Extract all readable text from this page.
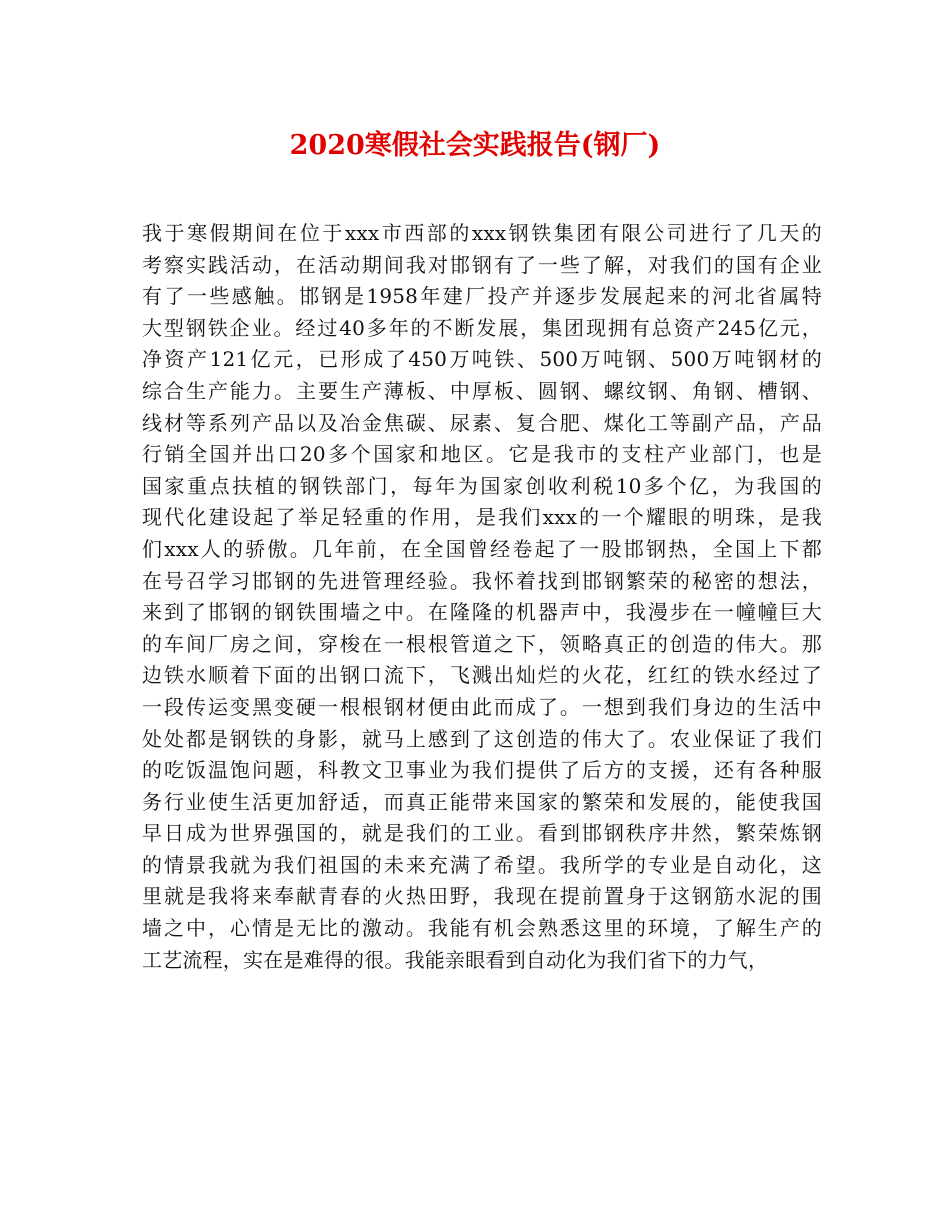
2020寒假社会实践报告(钢厂)
我于寒假期间在位于xxx市西部的xxx钢铁集团有限公司进行了几天的
考察实践活动，在活动期间我对邯钢有了一些了解，对我们的国有企业
有了一些感触。邯钢是1958年建厂投产并逐步发展起来的河北省属特
大型钢铁企业。经过40多年的不断发展，集团现拥有总资产245亿元，
净资产121亿元，已形成了450万吨铁、500万吨钢、500万吨钢材的
综合生产能力。主要生产薄板、中厚板、圆钢、螺纹钢、角钢、槽钢、
线材等系列产品以及冶金焦碳、尿素、复合肥、煤化工等副产品，产品
行销全国并出口20多个国家和地区。它是我市的支柱产业部门，也是
国家重点扶植的钢铁部门，每年为国家创收利税10多个亿，为我国的
现代化建设起了举足轻重的作用，是我们xxx的一个耀眼的明珠，是我
们xxx人的骄傲。几年前，在全国曾经卷起了一股邯钢热，全国上下都
在号召学习邯钢的先进管理经验。我怀着找到邯钢繁荣的秘密的想法，
来到了邯钢的钢铁围墙之中。在隆隆的机器声中，我漫步在一幢幢巨大
的车间厂房之间，穿梭在一根根管道之下，领略真正的创造的伟大。那
边铁水顺着下面的出钢口流下，飞溅出灿烂的火花，红红的铁水经过了
一段传运变黑变硬一根根钢材便由此而成了。一想到我们身边的生活中
处处都是钢铁的身影，就马上感到了这创造的伟大了。农业保证了我们
的吃饭温饱问题，科教文卫事业为我们提供了后方的支援，还有各种服
务行业使生活更加舒适，而真正能带来国家的繁荣和发展的，能使我国
早日成为世界强国的，就是我们的工业。看到邯钢秩序井然，繁荣炼钢
的情景我就为我们祖国的未来充满了希望。我所学的专业是自动化，这
里就是我将来奉献青春的火热田野，我现在提前置身于这钢筋水泥的围
墙之中，心情是无比的激动。我能有机会熟悉这里的环境，了解生产的
工艺流程，实在是难得的很。我能亲眼看到自动化为我们省下的力气，
